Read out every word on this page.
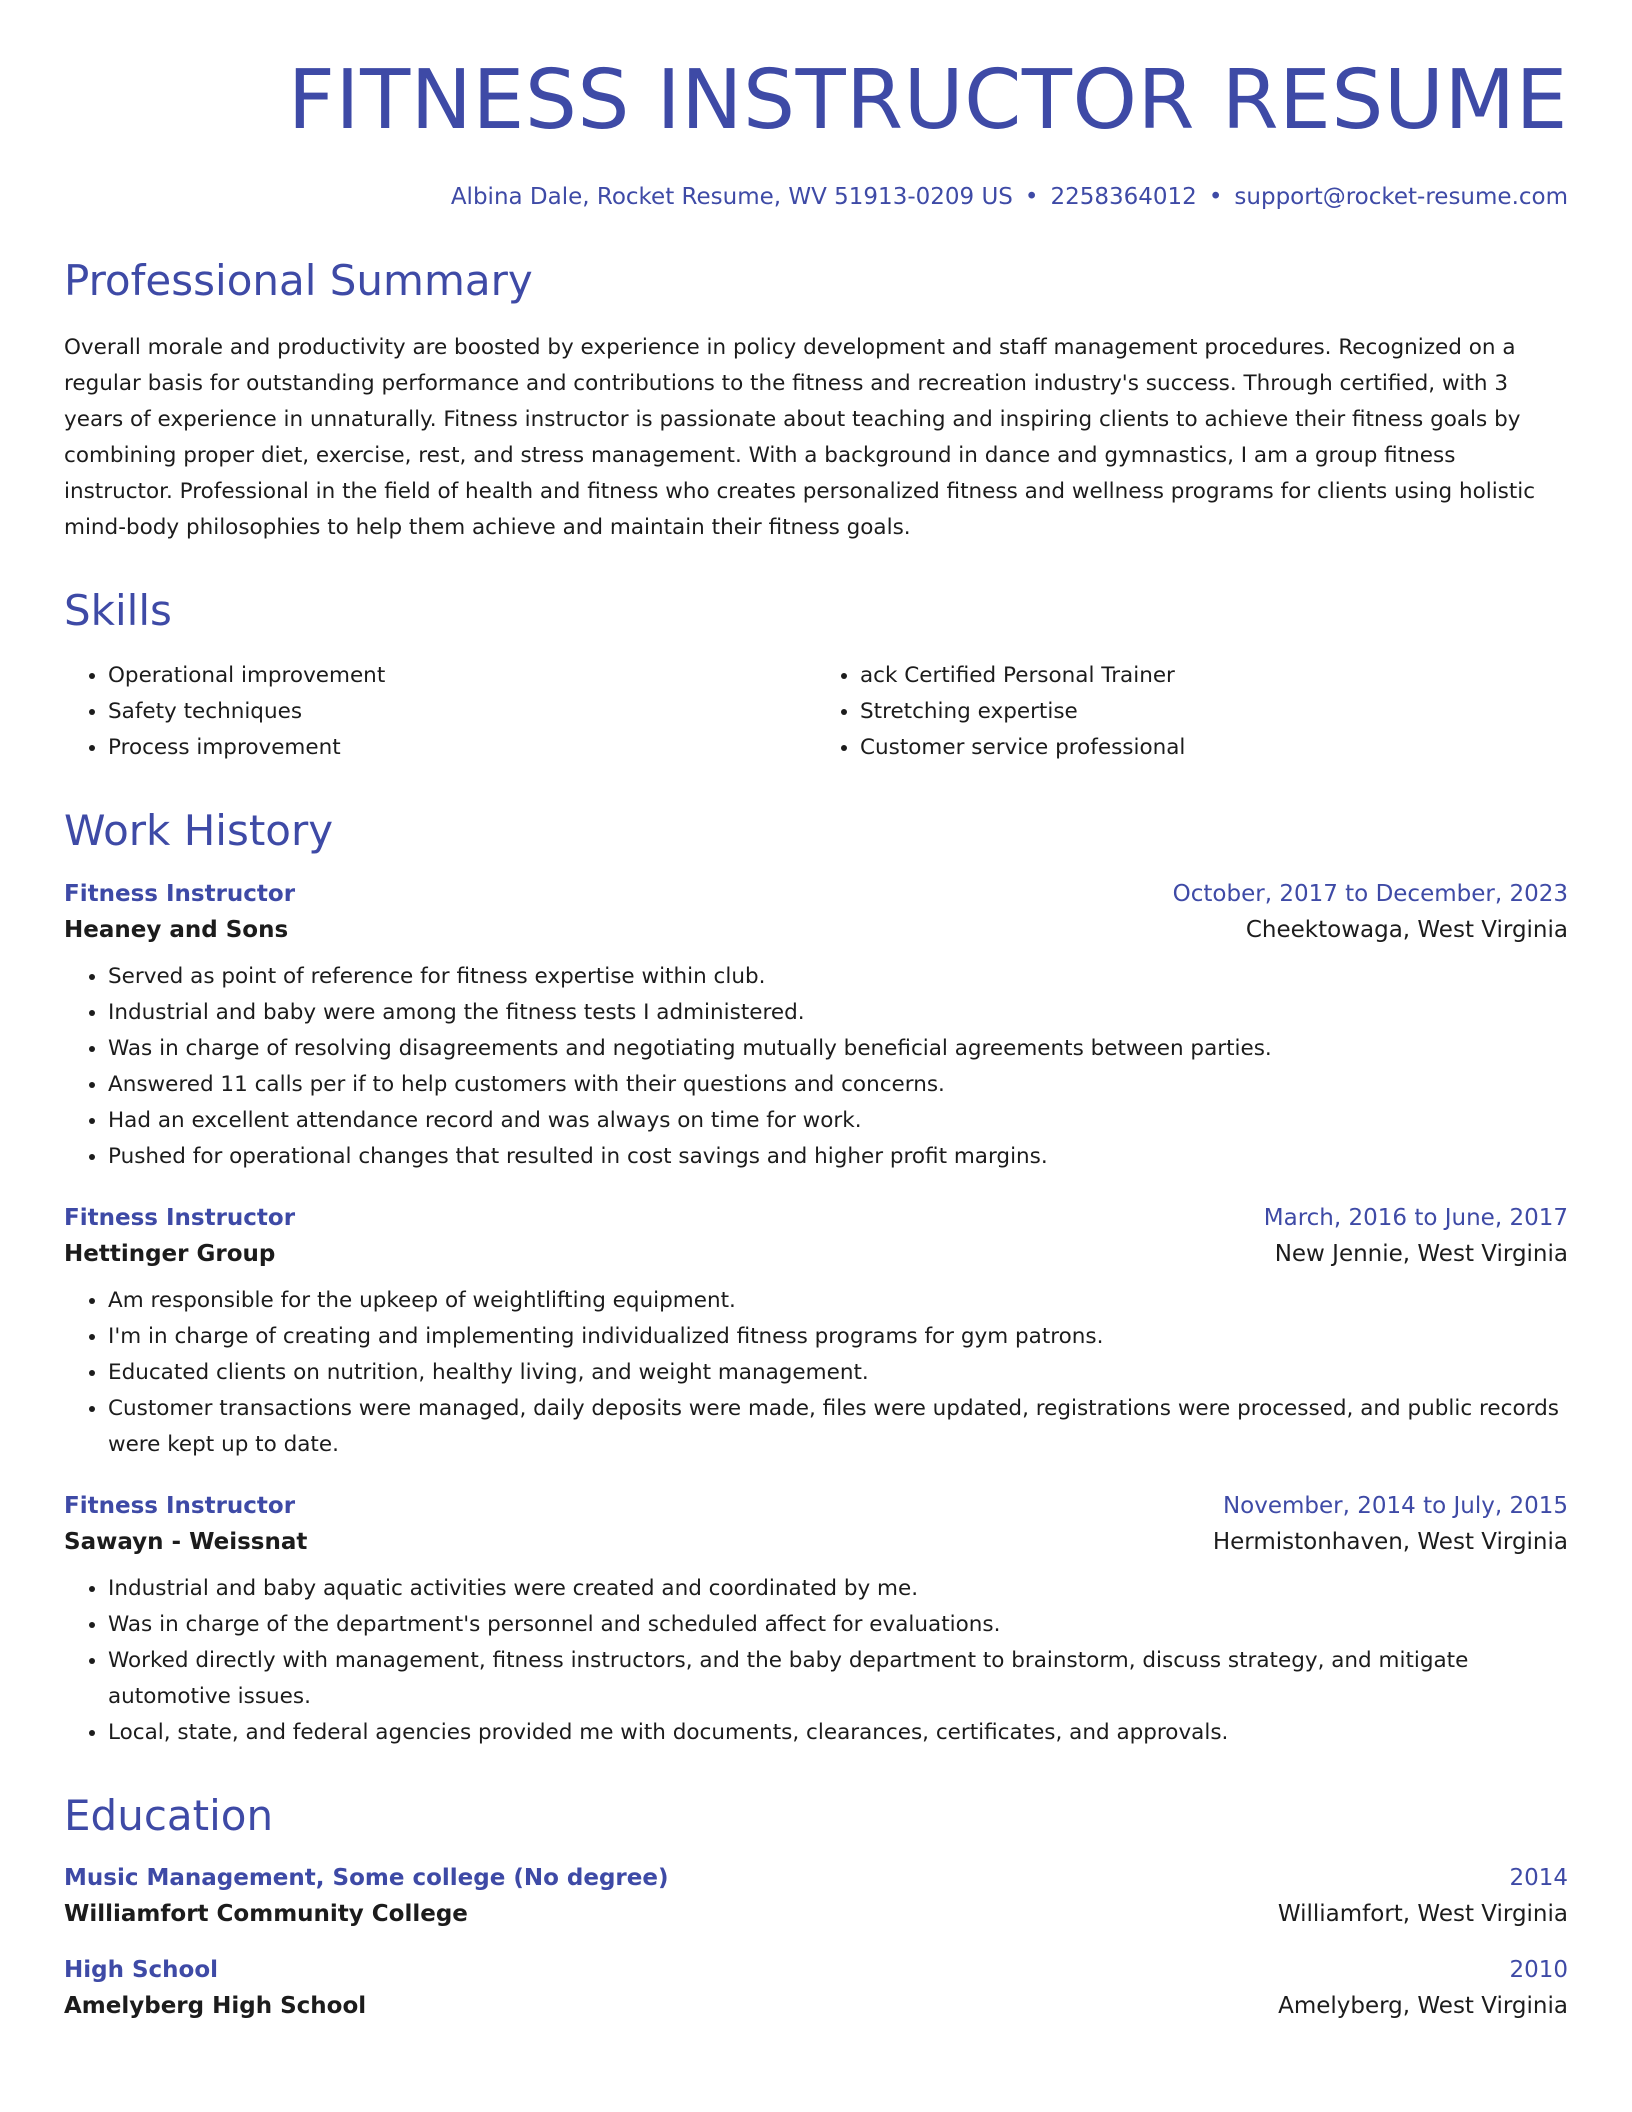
FITNESS INSTRUCTOR RESUME
Albina Dale, Rocket Resume, WV 51913-0209 US • 2258364012 • support@rocket-resume.com
Professional Summary
Overall morale and productivity are boosted by experience in policy development and staff management procedures. Recognized on a regular basis for outstanding performance and contributions to the fitness and recreation industry's success. Through certified, with 3 years of experience in unnaturally. Fitness instructor is passionate about teaching and inspiring clients to achieve their fitness goals by combining proper diet, exercise, rest, and stress management. With a background in dance and gymnastics, I am a group fitness instructor. Professional in the field of health and fitness who creates personalized fitness and wellness programs for clients using holistic mind-body philosophies to help them achieve and maintain their fitness goals.
Skills
• Operational improvement
• Safety techniques
• Process improvement
• ack Certified Personal Trainer
• Stretching expertise
• Customer service professional
Work History
Fitness Instructor	October, 2017 to December, 2023
Heaney and Sons	Cheektowaga, West Virginia
• Served as point of reference for fitness expertise within club.
• Industrial and baby were among the fitness tests I administered.
• Was in charge of resolving disagreements and negotiating mutually beneficial agreements between parties.
• Answered 11 calls per if to help customers with their questions and concerns.
• Had an excellent attendance record and was always on time for work.
• Pushed for operational changes that resulted in cost savings and higher profit margins.
Fitness Instructor	March, 2016 to June, 2017
Hettinger Group	New Jennie, West Virginia
• Am responsible for the upkeep of weightlifting equipment.
• I'm in charge of creating and implementing individualized fitness programs for gym patrons.
• Educated clients on nutrition, healthy living, and weight management.
• Customer transactions were managed, daily deposits were made, files were updated, registrations were processed, and public records were kept up to date.
Fitness Instructor	November, 2014 to July, 2015
Sawayn - Weissnat	Hermistonhaven, West Virginia
• Industrial and baby aquatic activities were created and coordinated by me.
• Was in charge of the department's personnel and scheduled affect for evaluations.
• Worked directly with management, fitness instructors, and the baby department to brainstorm, discuss strategy, and mitigate automotive issues.
• Local, state, and federal agencies provided me with documents, clearances, certificates, and approvals.
Education
Music Management, Some college (No degree)	2014
Williamfort Community College	Williamfort, West Virginia
High School	2010
Amelyberg High School	Amelyberg, West Virginia
